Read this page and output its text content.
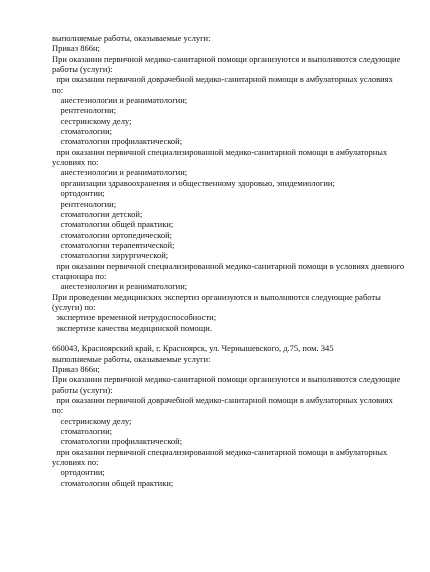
выполняемые работы, оказываемые услуги:
Приказ 866н;
При оказании первичной медико-санитарной помощи организуются и выполняются следующие
работы (услуги):
при оказании первичной доврачебной медико-санитарной помощи в амбулаторных условиях
по:
анестезиологии и реаниматологии;
рентгенологии;
сестринскому делу;
стоматологии;
стоматологии профилактической;
при оказании первичной специализированной медико-санитарной помощи в амбулаторных
условиях по:
анестезиологии и реаниматологии;
организации здравоохранения и общественному здоровью, эпидемиологии;
ортодонтии;
рентгенологии;
стоматологии детской;
стоматологии общей практики;
стоматологии ортопедической;
стоматологии терапевтической;
стоматологии хирургической;
при оказании первичной специализированной медико-санитарной помощи в условиях дневного
стационара по:
анестезиологии и реаниматологии;
При проведении медицинских экспертиз организуются и выполняются следующие работы
(услуги) по:
экспертизе временной нетрудоспособности;
экспертизе качества медицинской помощи.
660043, Красноярский край, г. Красноярск, ул. Чернышевского, д.75, пом. 345
выполняемые работы, оказываемые услуги:
Приказ 866н;
При оказании первичной медико-санитарной помощи организуются и выполняются следующие
работы (услуги):
при оказании первичной доврачебной медико-санитарной помощи в амбулаторных условиях
по:
сестринскому делу;
стоматологии;
стоматологии профилактической;
при оказании первичной специализированной медико-санитарной помощи в амбулаторных
условиях по:
ортодонтии;
стоматологии общей практики;
